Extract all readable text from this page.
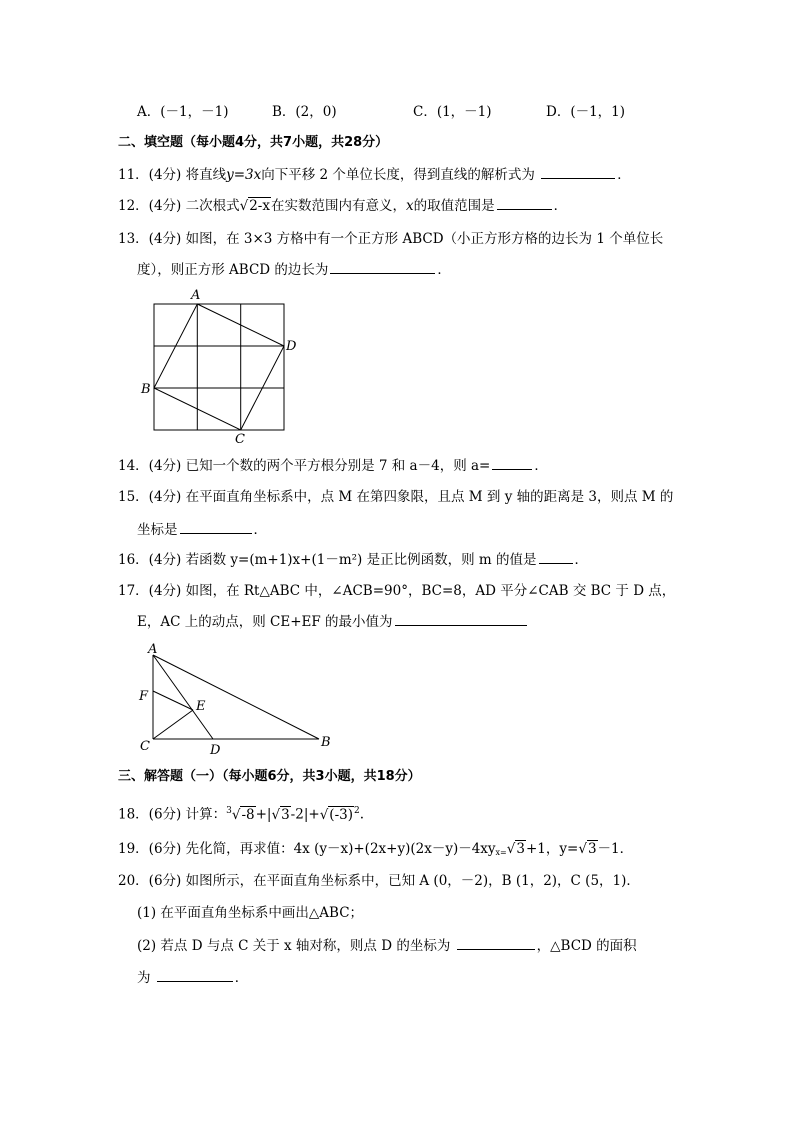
A．(－1，－1)	B．(2，0)	C．(1，－1)	D．(－1，1)
二、填空题（每小题4分，共7小题，共28分）
11．(4分) 将直线y=3x向下平移 2 个单位长度，得到直线的解析式为	．
12．(4分) 二次根式√2-x在实数范围内有意义，x的取值范围是	．
13．(4分) 如图，在 3×3 方格中有一个正方形 ABCD（小正方形方格的边长为 1 个单位长
度），则正方形 ABCD 的边长为	．
A
D
B
C
14．(4分) 已知一个数的两个平方根分别是 7 和 a－4，则 a=	．
15．(4分) 在平面直角坐标系中，点 M 在第四象限，且点 M 到 y 轴的距离是 3，则点 M 的
坐标是	．
16．(4分) 若函数 y=(m+1)x+(1－m²) 是正比例函数，则 m 的值是	．
17．(4分) 如图，在 Rt△ABC 中，∠ACB=90°，BC=8，AD 平分∠CAB 交 BC 于 D 点，
E，AC 上的动点，则 CE+EF 的最小值为
A
F
E
C	D
B
三、解答题（一）（每小题6分，共3小题，共18分）
18．(6分) 计算：$^3√-8+|√3-2|+√(-3)^2$.
19．(6分) 先化简，再求值：4x (y－x)+(2x+y)(2x－y)－4xyx=√3+1，y=√3－1．
20．(6分) 如图所示，在平面直角坐标系中，已知 A (0，－2)，B (1，2)，C (5，1)．
(1) 在平面直角坐标系中画出△ABC；
(2) 若点 D 与点 C 关于 x 轴对称，则点 D 的坐标为	，△BCD 的面积
为	．
